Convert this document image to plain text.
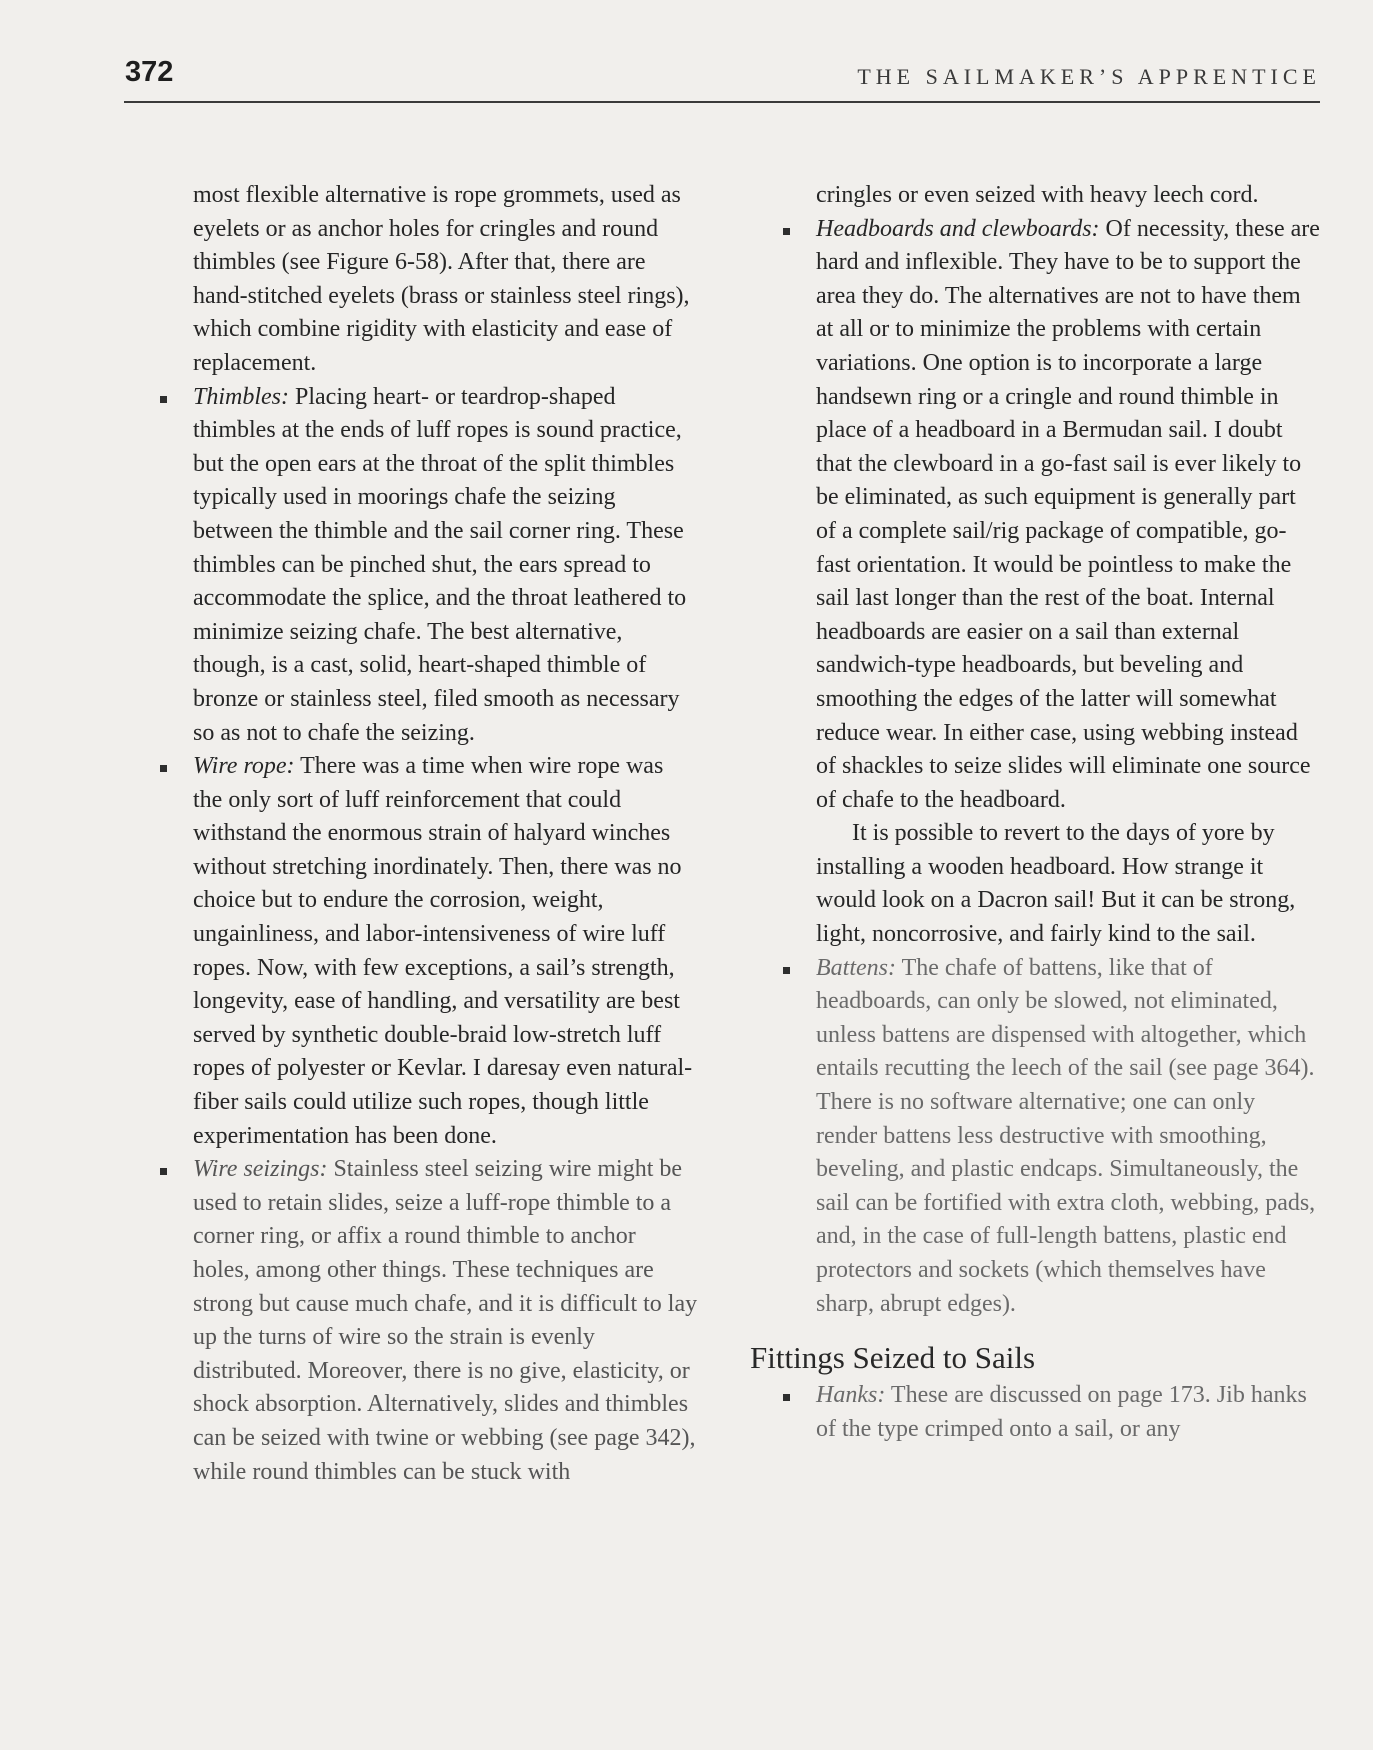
372	THE SAILMAKER’S APPRENTICE

most flexible alternative is rope grommets, used as eyelets or as anchor holes for cringles and round thimbles (see Figure 6-58). After that, there are hand-stitched eyelets (brass or stainless steel rings), which combine rigidity with elasticity and ease of replacement.

Thimbles: Placing heart- or teardrop-shaped thimbles at the ends of luff ropes is sound practice, but the open ears at the throat of the split thimbles typically used in moorings chafe the seizing between the thimble and the sail corner ring. These thimbles can be pinched shut, the ears spread to accommodate the splice, and the throat leathered to minimize seizing chafe. The best alternative, though, is a cast, solid, heart-shaped thimble of bronze or stainless steel, filed smooth as necessary so as not to chafe the seizing.

Wire rope: There was a time when wire rope was the only sort of luff reinforcement that could withstand the enormous strain of halyard winches without stretching inordinately. Then, there was no choice but to endure the corrosion, weight, ungainliness, and labor-intensiveness of wire luff ropes. Now, with few exceptions, a sail’s strength, longevity, ease of handling, and versatility are best served by synthetic double-braid low-stretch luff ropes of polyester or Kevlar. I daresay even natural-fiber sails could utilize such ropes, though little experimentation has been done.

Wire seizings: Stainless steel seizing wire might be used to retain slides, seize a luff-rope thimble to a corner ring, or affix a round thimble to anchor holes, among other things. These techniques are strong but cause much chafe, and it is difficult to lay up the turns of wire so the strain is evenly distributed. Moreover, there is no give, elasticity, or shock absorption. Alternatively, slides and thimbles can be seized with twine or webbing (see page 342), while round thimbles can be stuck with

cringles or even seized with heavy leech cord.

Headboards and clewboards: Of necessity, these are hard and inflexible. They have to be to support the area they do. The alternatives are not to have them at all or to minimize the problems with certain variations. One option is to incorporate a large handsewn ring or a cringle and round thimble in place of a headboard in a Bermudan sail. I doubt that the clewboard in a go-fast sail is ever likely to be eliminated, as such equipment is generally part of a complete sail/rig package of compatible, go-fast orientation. It would be pointless to make the sail last longer than the rest of the boat. Internal headboards are easier on a sail than external sandwich-type headboards, but beveling and smoothing the edges of the latter will somewhat reduce wear. In either case, using webbing instead of shackles to seize slides will eliminate one source of chafe to the headboard.

It is possible to revert to the days of yore by installing a wooden headboard. How strange it would look on a Dacron sail! But it can be strong, light, noncorrosive, and fairly kind to the sail.

Battens: The chafe of battens, like that of headboards, can only be slowed, not eliminated, unless battens are dispensed with altogether, which entails recutting the leech of the sail (see page 364). There is no software alternative; one can only render battens less destructive with smoothing, beveling, and plastic endcaps. Simultaneously, the sail can be fortified with extra cloth, webbing, pads, and, in the case of full-length battens, plastic end protectors and sockets (which themselves have sharp, abrupt edges).

Fittings Seized to Sails

Hanks: These are discussed on page 173. Jib hanks of the type crimped onto a sail, or any
